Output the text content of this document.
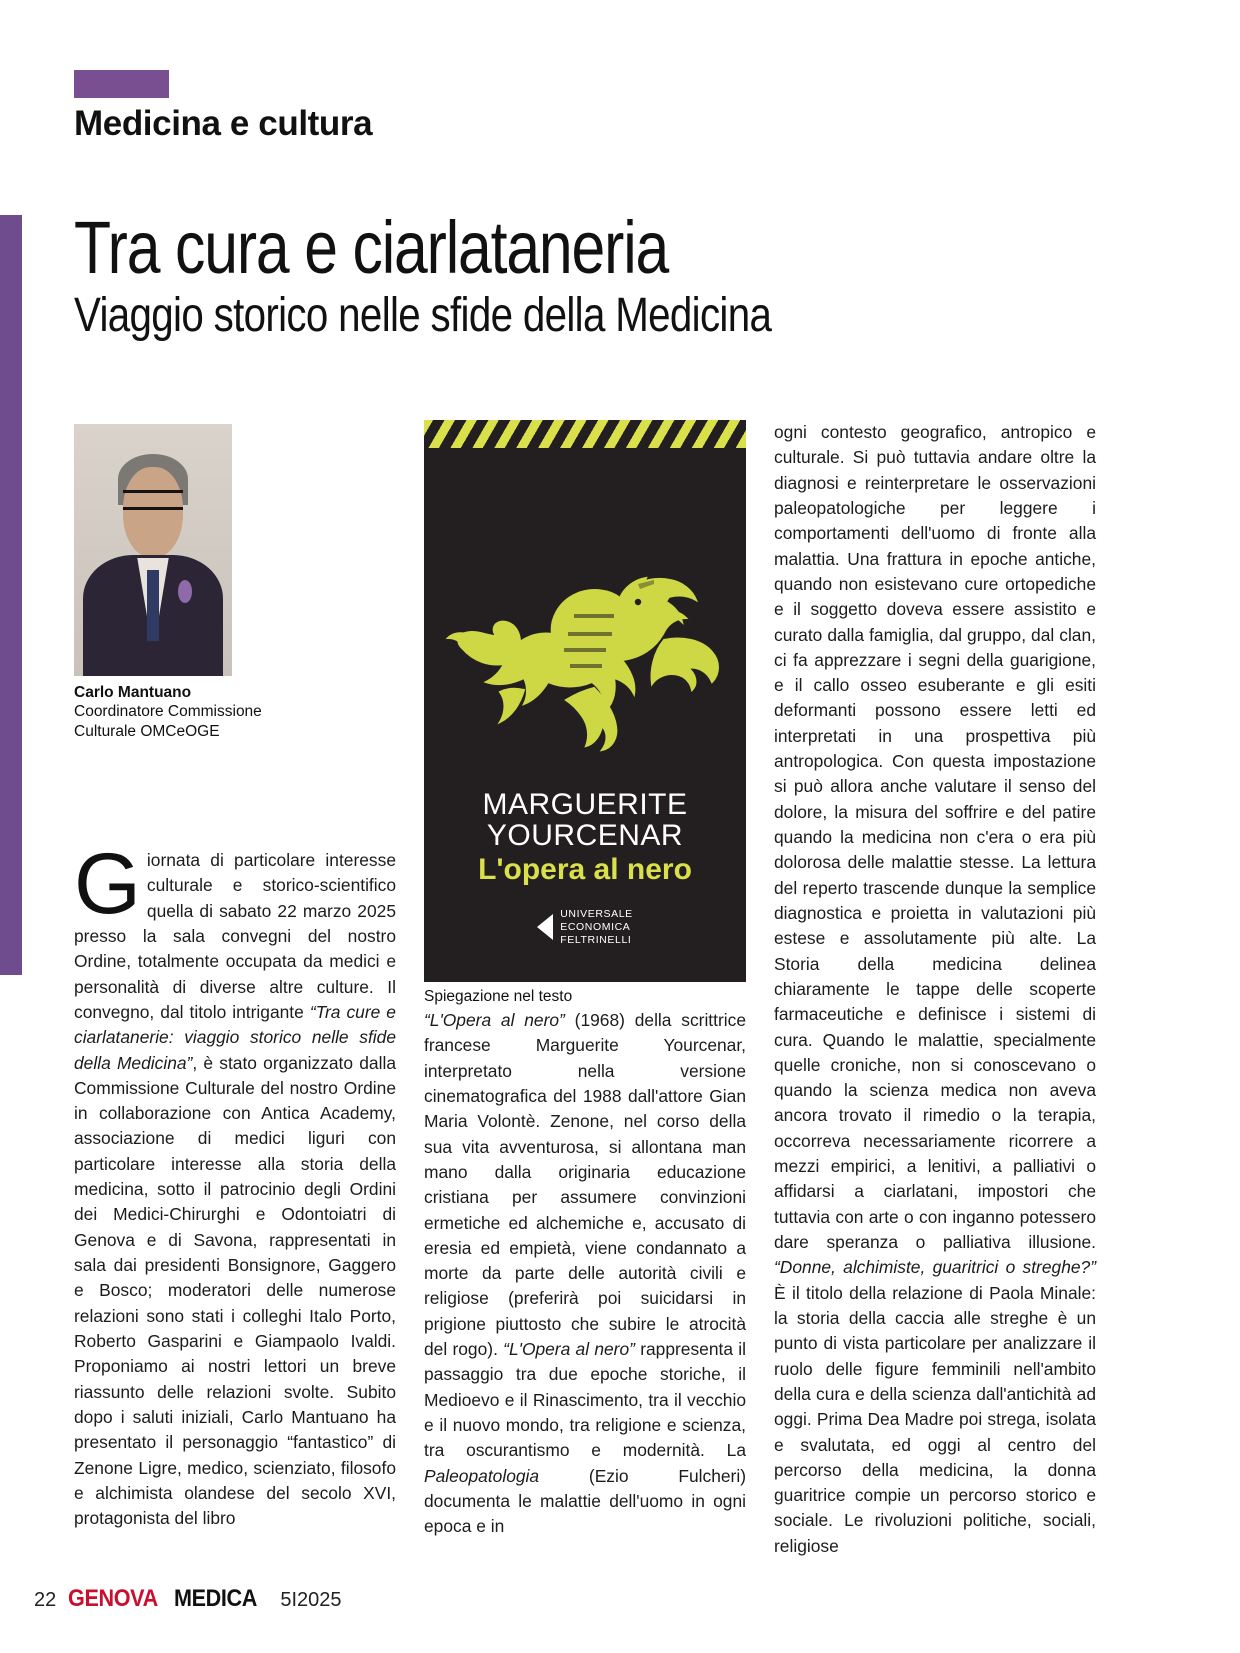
Medicina e cultura
Tra cura e ciarlataneria
Viaggio storico nelle sfide della Medicina
Carlo Mantuano
Coordinatore Commissione
Culturale OMCeOGE
MARGUERITE
YOURCENAR
L'opera al nero
UNIVERSALE
ECONOMICA
FELTRINELLI
Spiegazione nel testo

Giornata di particolare interesse culturale e storico-scientifico quella di sabato 22 marzo 2025 presso la sala convegni del nostro Ordine, totalmente occupata da medici e personalità di diverse altre culture. Il convegno, dal titolo intrigante “Tra cure e ciarlatanerie: viaggio storico nelle sfide della Medicina”, è stato organizzato dalla Commissione Culturale del nostro Ordine in collaborazione con Antica Academy, associazione di medici liguri con particolare interesse alla storia della medicina, sotto il patrocinio degli Ordini dei Medici-Chirurghi e Odontoiatri di Genova e di Savona, rappresentati in sala dai presidenti Bonsignore, Gaggero e Bosco; moderatori delle numerose relazioni sono stati i colleghi Italo Porto, Roberto Gasparini e Giampaolo Ivaldi. Proponiamo ai nostri lettori un breve riassunto delle relazioni svolte. Subito dopo i saluti iniziali, Carlo Mantuano ha presentato il personaggio “fantastico” di Zenone Ligre, medico, scienziato, filosofo e alchimista olandese del secolo XVI, protagonista del libro

“L'Opera al nero” (1968) della scrittrice francese Marguerite Yourcenar, interpretato nella versione cinematografica del 1988 dall'attore Gian Maria Volontè. Zenone, nel corso della sua vita avventurosa, si allontana man mano dalla originaria educazione cristiana per assumere convinzioni ermetiche ed alchemiche e, accusato di eresia ed empietà, viene condannato a morte da parte delle autorità civili e religiose (preferirà poi suicidarsi in prigione piuttosto che subire le atrocità del rogo). “L'Opera al nero” rappresenta il passaggio tra due epoche storiche, il Medioevo e il Rinascimento, tra il vecchio e il nuovo mondo, tra religione e scienza, tra oscurantismo e modernità. La Paleopatologia (Ezio Fulcheri) documenta le malattie dell'uomo in ogni epoca e in

ogni contesto geografico, antropico e culturale. Si può tuttavia andare oltre la diagnosi e reinterpretare le osservazioni paleopatologiche per leggere i comportamenti dell'uomo di fronte alla malattia. Una frattura in epoche antiche, quando non esistevano cure ortopediche e il soggetto doveva essere assistito e curato dalla famiglia, dal gruppo, dal clan, ci fa apprezzare i segni della guarigione, e il callo osseo esuberante e gli esiti deformanti possono essere letti ed interpretati in una prospettiva più antropologica. Con questa impostazione si può allora anche valutare il senso del dolore, la misura del soffrire e del patire quando la medicina non c'era o era più dolorosa delle malattie stesse. La lettura del reperto trascende dunque la semplice diagnostica e proietta in valutazioni più estese e assolutamente più alte. La Storia della medicina delinea chiaramente le tappe delle scoperte farmaceutiche e definisce i sistemi di cura. Quando le malattie, specialmente quelle croniche, non si conoscevano o quando la scienza medica non aveva ancora trovato il rimedio o la terapia, occorreva necessariamente ricorrere a mezzi empirici, a lenitivi, a palliativi o affidarsi a ciarlatani, impostori che tuttavia con arte o con inganno potessero dare speranza o palliativa illusione. “Donne, alchimiste, guaritrici o streghe?” È il titolo della relazione di Paola Minale: la storia della caccia alle streghe è un punto di vista particolare per analizzare il ruolo delle figure femminili nell'ambito della cura e della scienza dall'antichità ad oggi. Prima Dea Madre poi strega, isolata e svalutata, ed oggi al centro del percorso della medicina, la donna guaritrice compie un percorso storico e sociale. Le rivoluzioni politiche, sociali, religiose

22 GENOVA MEDICA 5I2025
